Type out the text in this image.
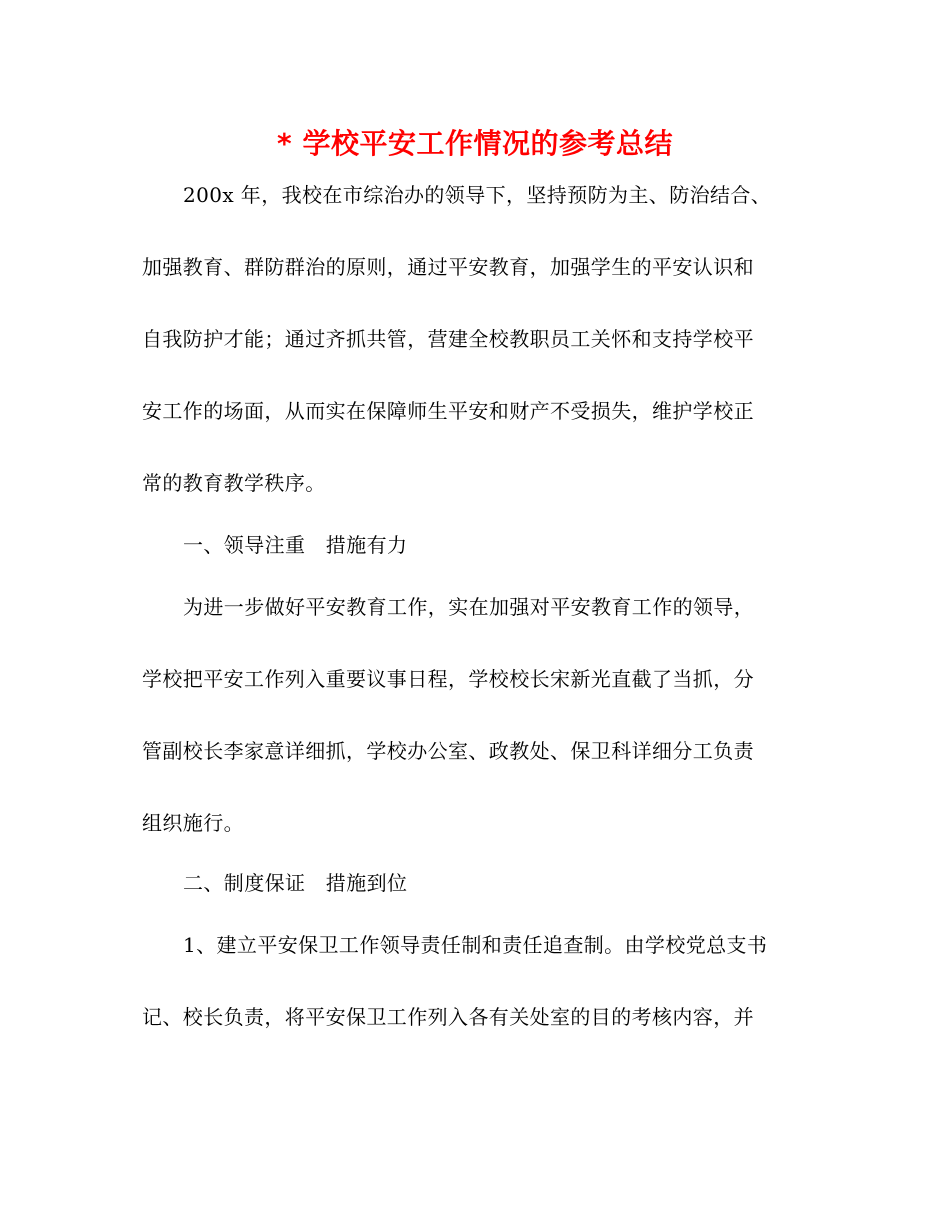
* 学校平安工作情况的参考总结
200x 年，我校在市综治办的领导下，坚持预防为主、防治结合、
加强教育、群防群治的原则，通过平安教育，加强学生的平安认识和
自我防护才能；通过齐抓共管，营建全校教职员工关怀和支持学校平
安工作的场面，从而实在保障师生平安和财产不受损失，维护学校正
常的教育教学秩序。
一、领导注重　措施有力
为进一步做好平安教育工作，实在加强对平安教育工作的领导，
学校把平安工作列入重要议事日程，学校校长宋新光直截了当抓，分
管副校长李家意详细抓，学校办公室、政教处、保卫科详细分工负责
组织施行。
二、制度保证　措施到位
1、建立平安保卫工作领导责任制和责任追查制。由学校党总支书
记、校长负责，将平安保卫工作列入各有关处室的目的考核内容，并
